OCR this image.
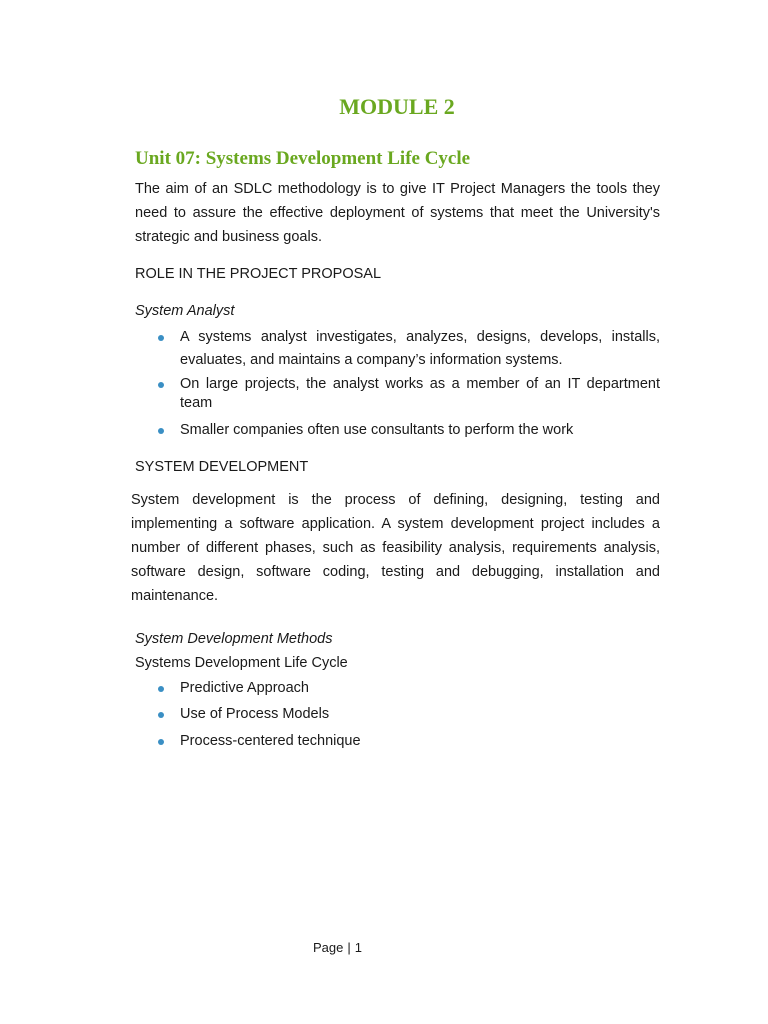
MODULE 2
Unit 07: Systems Development Life Cycle
The aim of an SDLC methodology is to give IT Project Managers the tools they need to assure the effective deployment of systems that meet the University's strategic and business goals.
ROLE IN THE PROJECT PROPOSAL
System Analyst
A systems analyst investigates, analyzes, designs, develops, installs, evaluates, and maintains a company’s information systems.
On large projects, the analyst works as a member of an IT department team
Smaller companies often use consultants to perform the work
SYSTEM DEVELOPMENT
System development is the process of defining, designing, testing and implementing a software application. A system development project includes a number of different phases, such as feasibility analysis, requirements analysis, software design, software coding, testing and debugging, installation and maintenance.
System Development Methods
Systems Development Life Cycle
Predictive Approach
Use of Process Models
Process-centered technique
Page | 1
